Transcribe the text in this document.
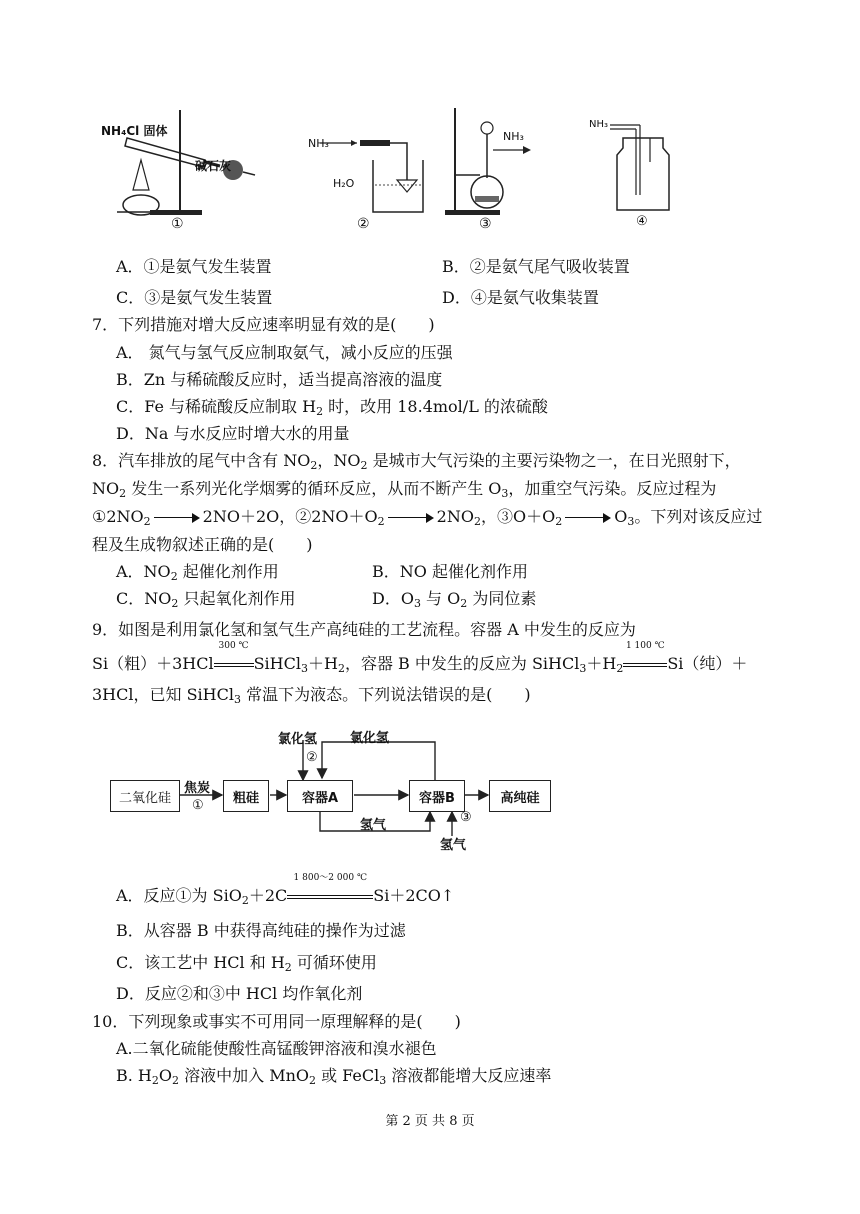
NH₄Cl 固体
碱石灰
NH₃
H₂O
NH₃
NH₃
①	②	③	④
A．①是氨气发生装置	B．②是氨气尾气吸收装置
C．③是氨气发生装置	D．④是氨气收集装置
7．下列措施对增大反应速率明显有效的是(　　)
A． 氮气与氢气反应制取氨气，减小反应的压强
B．Zn 与稀硫酸反应时，适当提高溶液的温度
C．Fe 与稀硫酸反应制取 $H_2$ 时，改用 18.4mol/L 的浓硫酸
D．Na 与水反应时增大水的用量
8．汽车排放的尾气中含有 $NO_2$，$NO_2$ 是城市大气污染的主要污染物之一，在日光照射下，
$NO_2$ 发生一系列光化学烟雾的循环反应，从而不断产生 $O_3$，加重空气污染。反应过程为
$①2NO_2$	2NO＋2O，$②2NO+O_2$	$2NO_2$，$③O+O_2$	$O_3$。下列对该反应过
程及生成物叙述正确的是(　　)
A．$NO_2$ 起催化剂作用	B．NO 起催化剂作用
C．$NO_2$ 只起氧化剂作用	D．$O_3$ 与 $O_2$ 为同位素
9．如图是利用氯化氢和氢气生产高纯硅的工艺流程。容器 A 中发生的反应为
Si（粗）＋3HCl
300 ℃
$SiHCl_3+H_2$，容器 B 中发生的反应为 $SiHCl_3+H_2$
1 100 ℃
Si（纯）＋
3HCl，已知 SiHCl$_3$ 常温下为液态。下列说法错误的是(　　)
二氧化硅
焦炭
①	粗硅
氯化氢
②
容器A
氯化氢
容器B	高纯硅
氢气
③
氢气
A．反应①为 SiO$_2$＋2C
1 800～2 000 ℃
Si＋2CO↑
B．从容器 B 中获得高纯硅的操作为过滤
C．该工艺中 HCl 和 $H_2$ 可循环使用
D．反应②和③中 HCl 均作氧化剂
10．下列现象或事实不可用同一原理解释的是(　　)
A.二氧化硫能使酸性高锰酸钾溶液和溴水褪色
B. $H_2O_2$ 溶液中加入 MnO$_2$ 或 FeCl$_3$ 溶液都能增大反应速率
第 2 页 共 8 页
